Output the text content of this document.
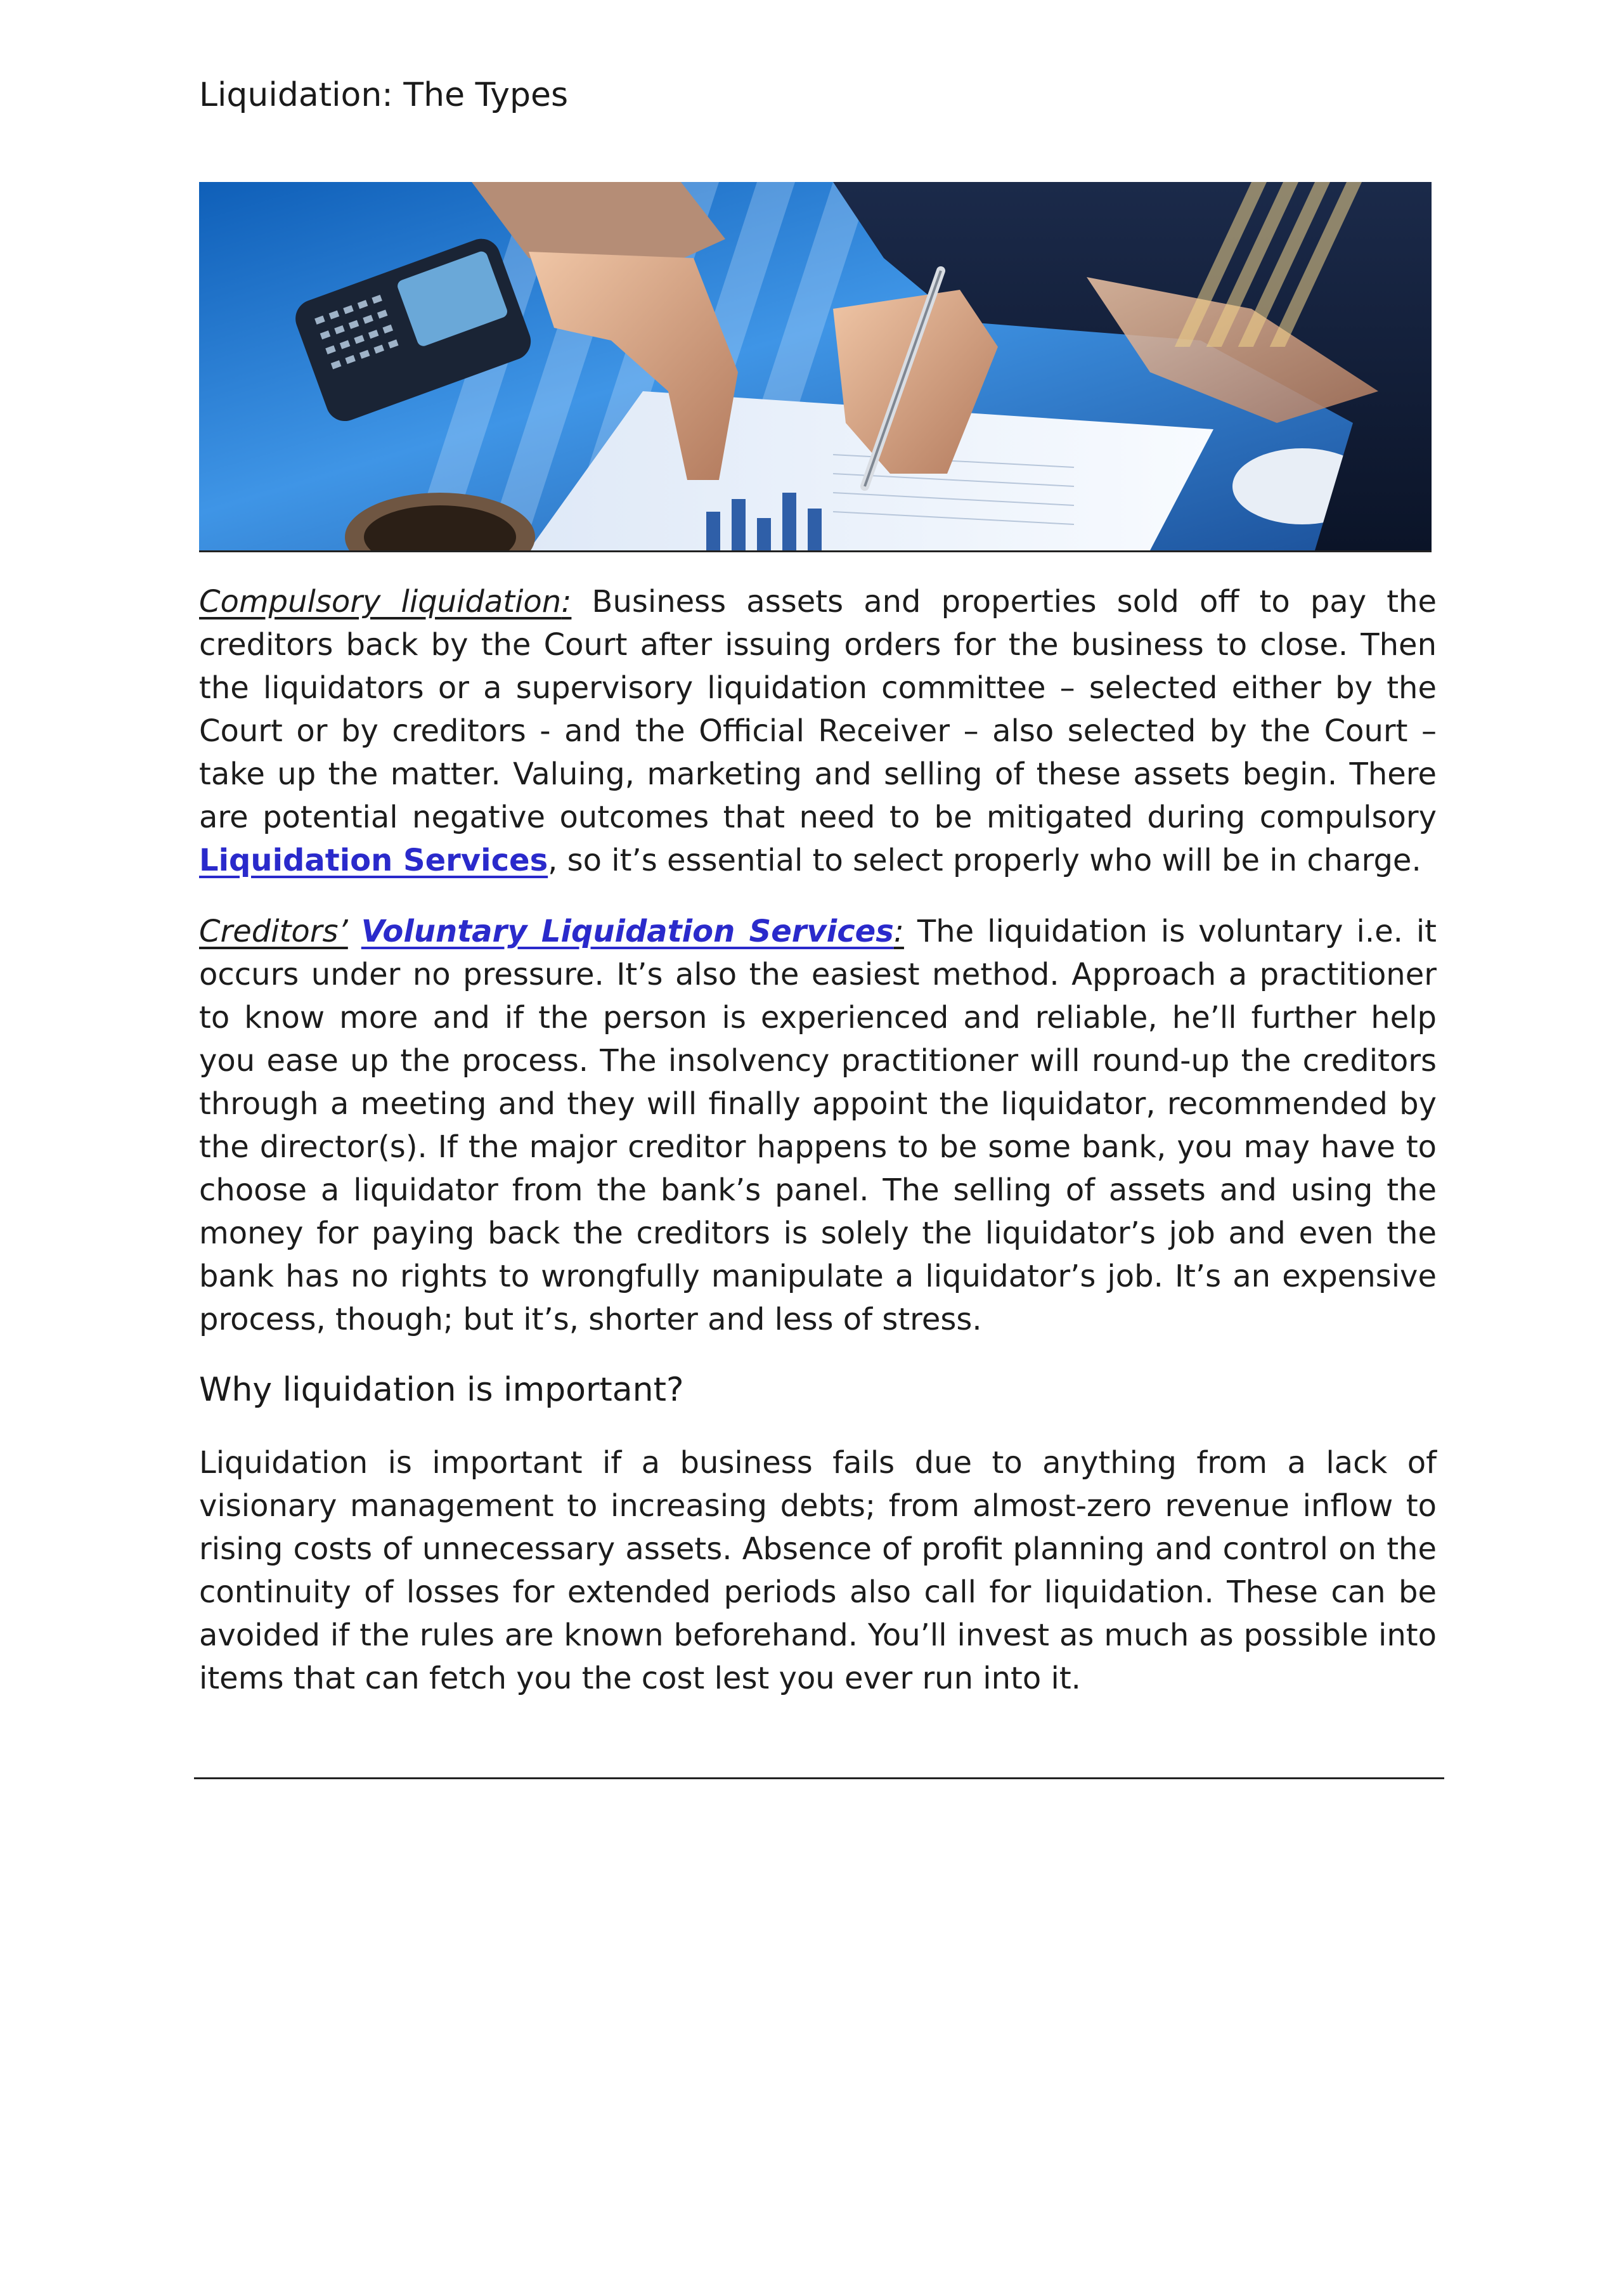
Liquidation: The Types

Compulsory liquidation: Business assets and properties sold off to pay the creditors back by the Court after issuing orders for the business to close. Then the liquidators or a supervisory liquidation committee – selected either by the Court or by creditors - and the Official Receiver – also selected by the Court – take up the matter. Valuing, marketing and selling of these assets begin. There are potential negative outcomes that need to be mitigated during compulsory Liquidation Services, so it’s essential to select properly who will be in charge.

Creditors’ Voluntary Liquidation Services: The liquidation is voluntary i.e. it occurs under no pressure. It’s also the easiest method. Approach a practitioner to know more and if the person is experienced and reliable, he’ll further help you ease up the process. The insolvency practitioner will round-up the creditors through a meeting and they will finally appoint the liquidator, recommended by the director(s). If the major creditor happens to be some bank, you may have to choose a liquidator from the bank’s panel. The selling of assets and using the money for paying back the creditors is solely the liquidator’s job and even the bank has no rights to wrongfully manipulate a liquidator’s job. It’s an expensive process, though; but it’s, shorter and less of stress.

Why liquidation is important?

Liquidation is important if a business fails due to anything from a lack of visionary management to increasing debts; from almost-zero revenue inflow to rising costs of unnecessary assets. Absence of profit planning and control on the continuity of losses for extended periods also call for liquidation. These can be avoided if the rules are known beforehand. You’ll invest as much as possible into items that can fetch you the cost lest you ever run into it.
